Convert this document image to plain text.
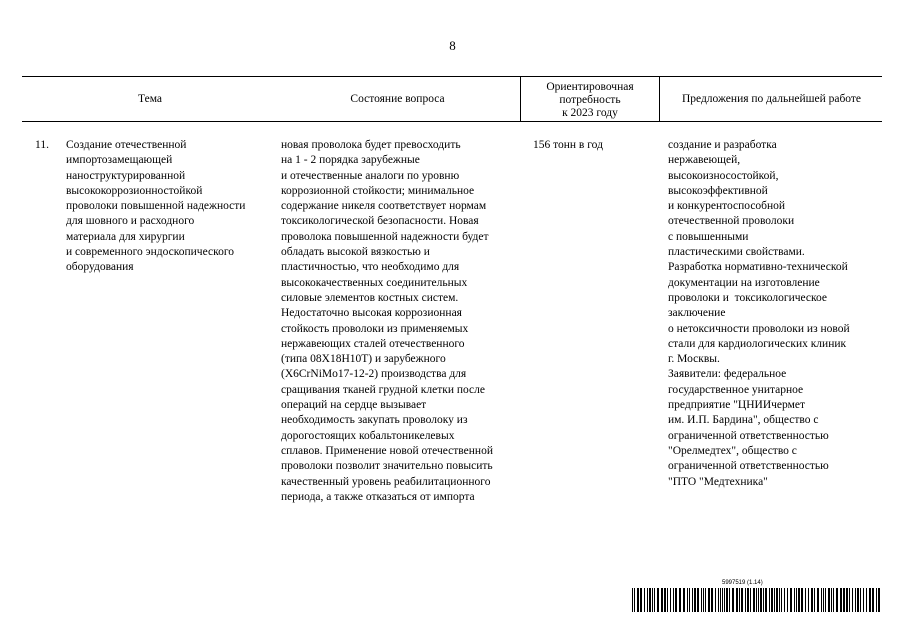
8
Тема	Состояние вопроса
Ориентировочная
потребность
к 2023 году
Предложения по дальнейшей работе
11. Создание отечественной
импортозамещающей
наноструктурированной
высококоррозионностойкой
проволоки повышенной надежности
для шовного и расходного
материала для хирургии
и современного эндоскопического
оборудования
новая проволока будет превосходить
на 1 - 2 порядка зарубежные
и отечественные аналоги по уровню
коррозионной стойкости; минимальное
содержание никеля соответствует нормам
токсикологической безопасности. Новая
проволока повышенной надежности будет
обладать высокой вязкостью и
пластичностью, что необходимо для
высококачественных соединительных
силовые элементов костных систем.
Недостаточно высокая коррозионная
стойкость проволоки из применяемых
нержавеющих сталей отечественного
(типа 08Х18Н10Т) и зарубежного
(X6CrNiMo17-12-2) производства для
сращивания тканей грудной клетки после
операций на сердце вызывает
необходимость закупать проволоку из
дорогостоящих кобальтоникелевых
сплавов. Применение новой отечественной
проволоки позволит значительно повысить
качественный уровень реабилитационного
периода, а также отказаться от импорта
156 тонн в год	создание и разработка
нержавеющей,
высокоизносостойкой,
высокоэффективной
и конкурентоспособной
отечественной проволоки
с повышенными
пластическими свойствами.
Разработка нормативно-технической
документации на изготовление
проволоки и  токсикологическое
заключение
о нетоксичности проволоки из новой
стали для кардиологических клиник
г. Москвы.
Заявители: федеральное
государственное унитарное
предприятие "ЦНИИчермет
им. И.П. Бардина", общество с
ограниченной ответственностью
"Орелмедтех", общество с
ограниченной ответственностью
"ПТО "Медтехника"
5997519 (1.14)
